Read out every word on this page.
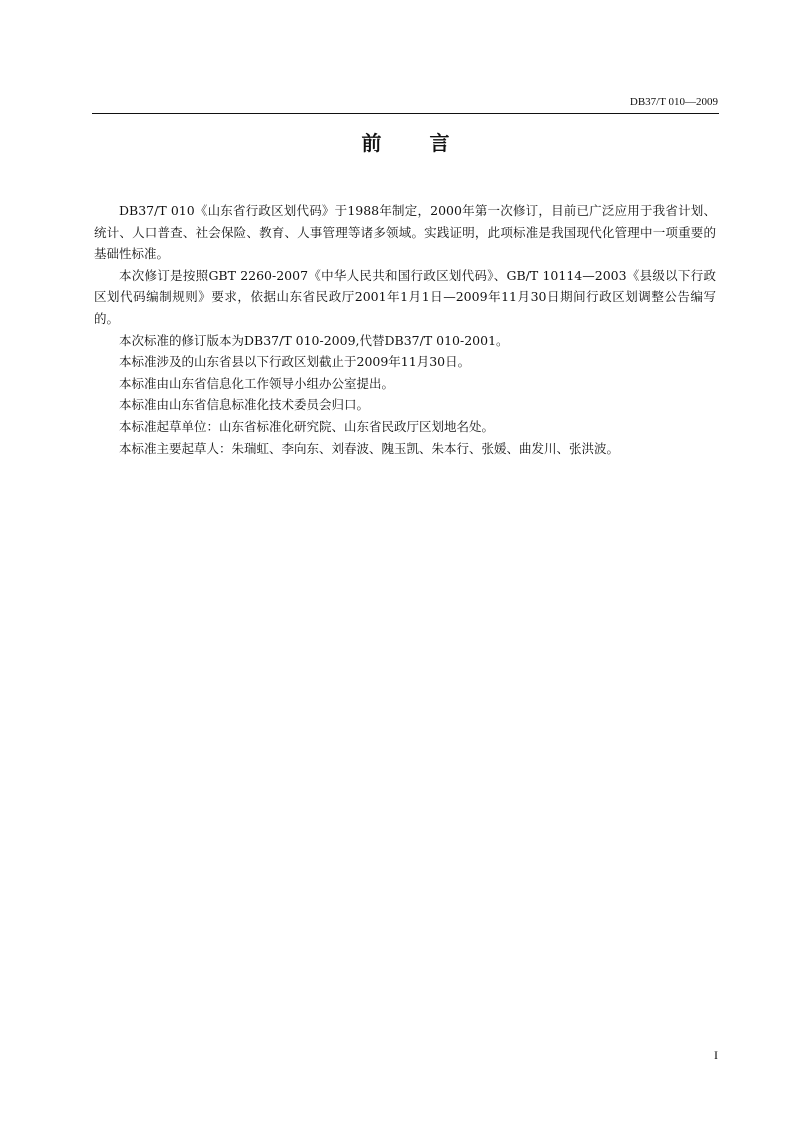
DB37/T 010—2009
前 言

DB37/T 010《山东省行政区划代码》于1988年制定，2000年第一次修订，目前已广泛应用于我省计划、统计、人口普查、社会保险、教育、人事管理等诸多领域。实践证明，此项标准是我国现代化管理中一项重要的基础性标准。

本次修订是按照GBT 2260-2007《中华人民共和国行政区划代码》、GB/T 10114—2003《县级以下行政区划代码编制规则》要求，依据山东省民政厅2001年1月1日—2009年11月30日期间行政区划调整公告编写的。

本次标准的修订版本为DB37/T 010-2009,代替DB37/T 010-2001。

本标准涉及的山东省县以下行政区划截止于2009年11月30日。

本标准由山东省信息化工作领导小组办公室提出。

本标准由山东省信息标准化技术委员会归口。

本标准起草单位：山东省标准化研究院、山东省民政厅区划地名处。

本标准主要起草人：朱瑞虹、李向东、刘春波、隗玉凯、朱本行、张媛、曲发川、张洪波。

I
